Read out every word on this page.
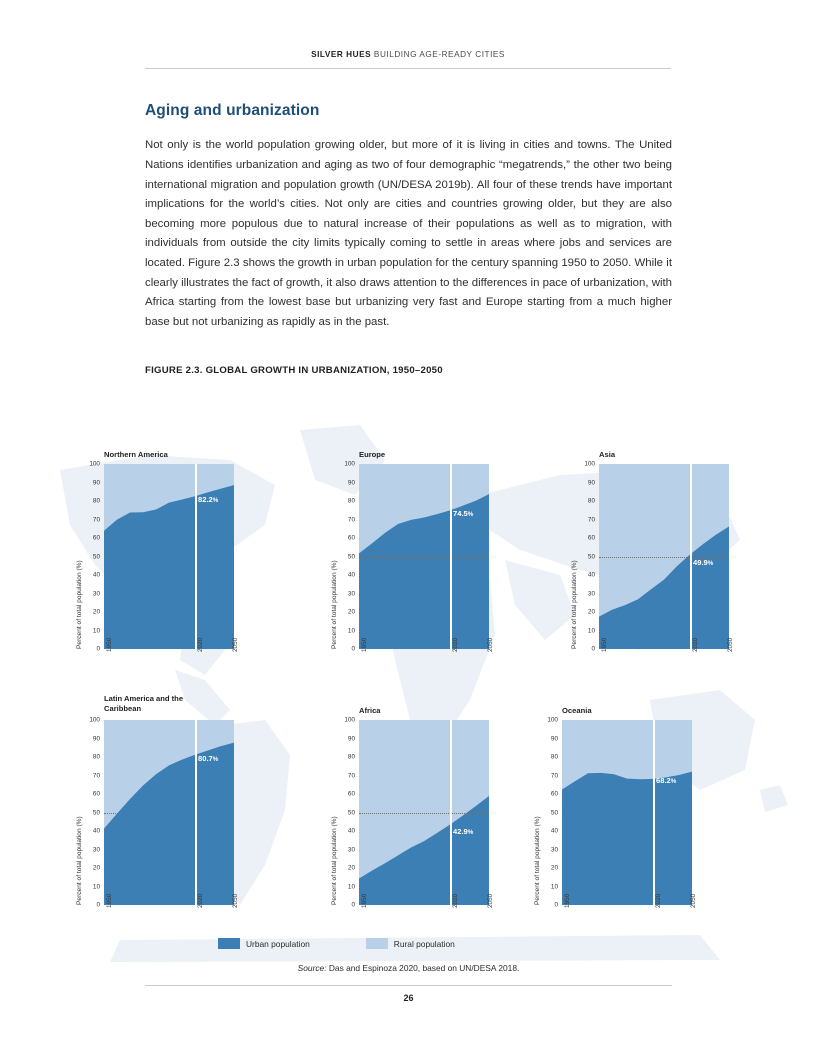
SILVER HUES BUILDING AGE-READY CITIES
Aging and urbanization

Not only is the world population growing older, but more of it is living in cities and towns. The United Nations identifies urbanization and aging as two of four demographic “megatrends,” the other two being international migration and population growth (UN/DESA 2019b). All four of these trends have important implications for the world’s cities. Not only are cities and countries growing older, but they are also becoming more populous due to natural increase of their populations as well as to migration, with individuals from outside the city limits typically coming to settle in areas where jobs and services are located. Figure 2.3 shows the growth in urban population for the century spanning 1950 to 2050. While it clearly illustrates the fact of growth, it also draws attention to the differences in pace of urbanization, with Africa starting from the lowest base but urbanizing very fast and Europe starting from a much higher base but not urbanizing as rapidly as in the past.

FIGURE 2.3. GLOBAL GROWTH IN URBANIZATION, 1950–2050
Northern America
Percent of total population (%)
100
90
80
70
60
50
40
30
20
10
0
82.2%
1950	2020	2050
Europe
Percent of total population (%)
100
90
80
70
60
50
40
30
20
10
0
74.5%
1950	2020	2050
Asia
Percent of total population (%)
100
90
80
70
60
50
40
30
20
10
0
49.9%
1950	2020	2050
Latin America and the Caribbean
Percent of total population (%)
100
90
80
70
60
50
40
30
20
10
0
80.7%
1950	2020	2050
Africa
Percent of total population (%)
100
90
80
70
60
50
40
30
20
10
0
42.9%
1950	2020	2050
Oceania
Percent of total population (%)
100
90
80
70
60
50
40
30
20
10
0
68.2%
1950	2020	2050
Urban population	Rural population
Source: Das and Espinoza 2020, based on UN/DESA 2018.
26
